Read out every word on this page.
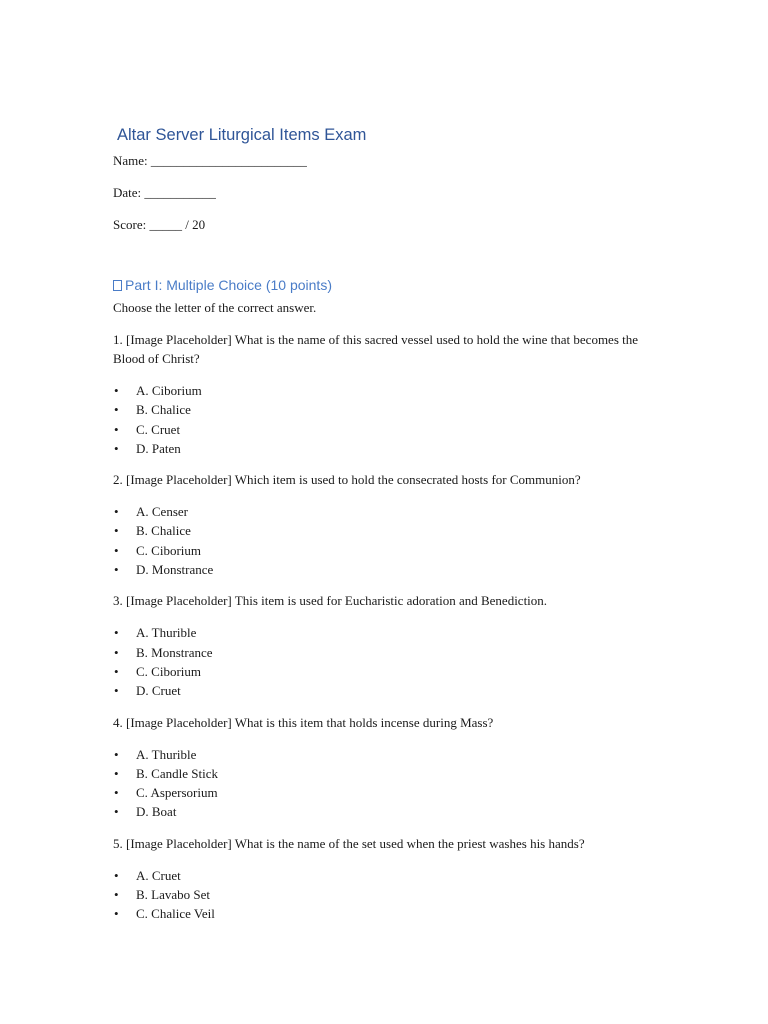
Altar Server Liturgical Items Exam

Name: ________________________

Date: ___________

Score: _____ / 20

Part I: Multiple Choice (10 points)

Choose the letter of the correct answer.

1. [Image Placeholder] What is the name of this sacred vessel used to hold the wine that becomes the Blood of Christ?

• A. Ciborium
• B. Chalice
• C. Cruet
• D. Paten

2. [Image Placeholder] Which item is used to hold the consecrated hosts for Communion?

• A. Censer
• B. Chalice
• C. Ciborium
• D. Monstrance

3. [Image Placeholder] This item is used for Eucharistic adoration and Benediction.

• A. Thurible
• B. Monstrance
• C. Ciborium
• D. Cruet

4. [Image Placeholder] What is this item that holds incense during Mass?

• A. Thurible
• B. Candle Stick
• C. Aspersorium
• D. Boat

5. [Image Placeholder] What is the name of the set used when the priest washes his hands?

• A. Cruet
• B. Lavabo Set
• C. Chalice Veil
